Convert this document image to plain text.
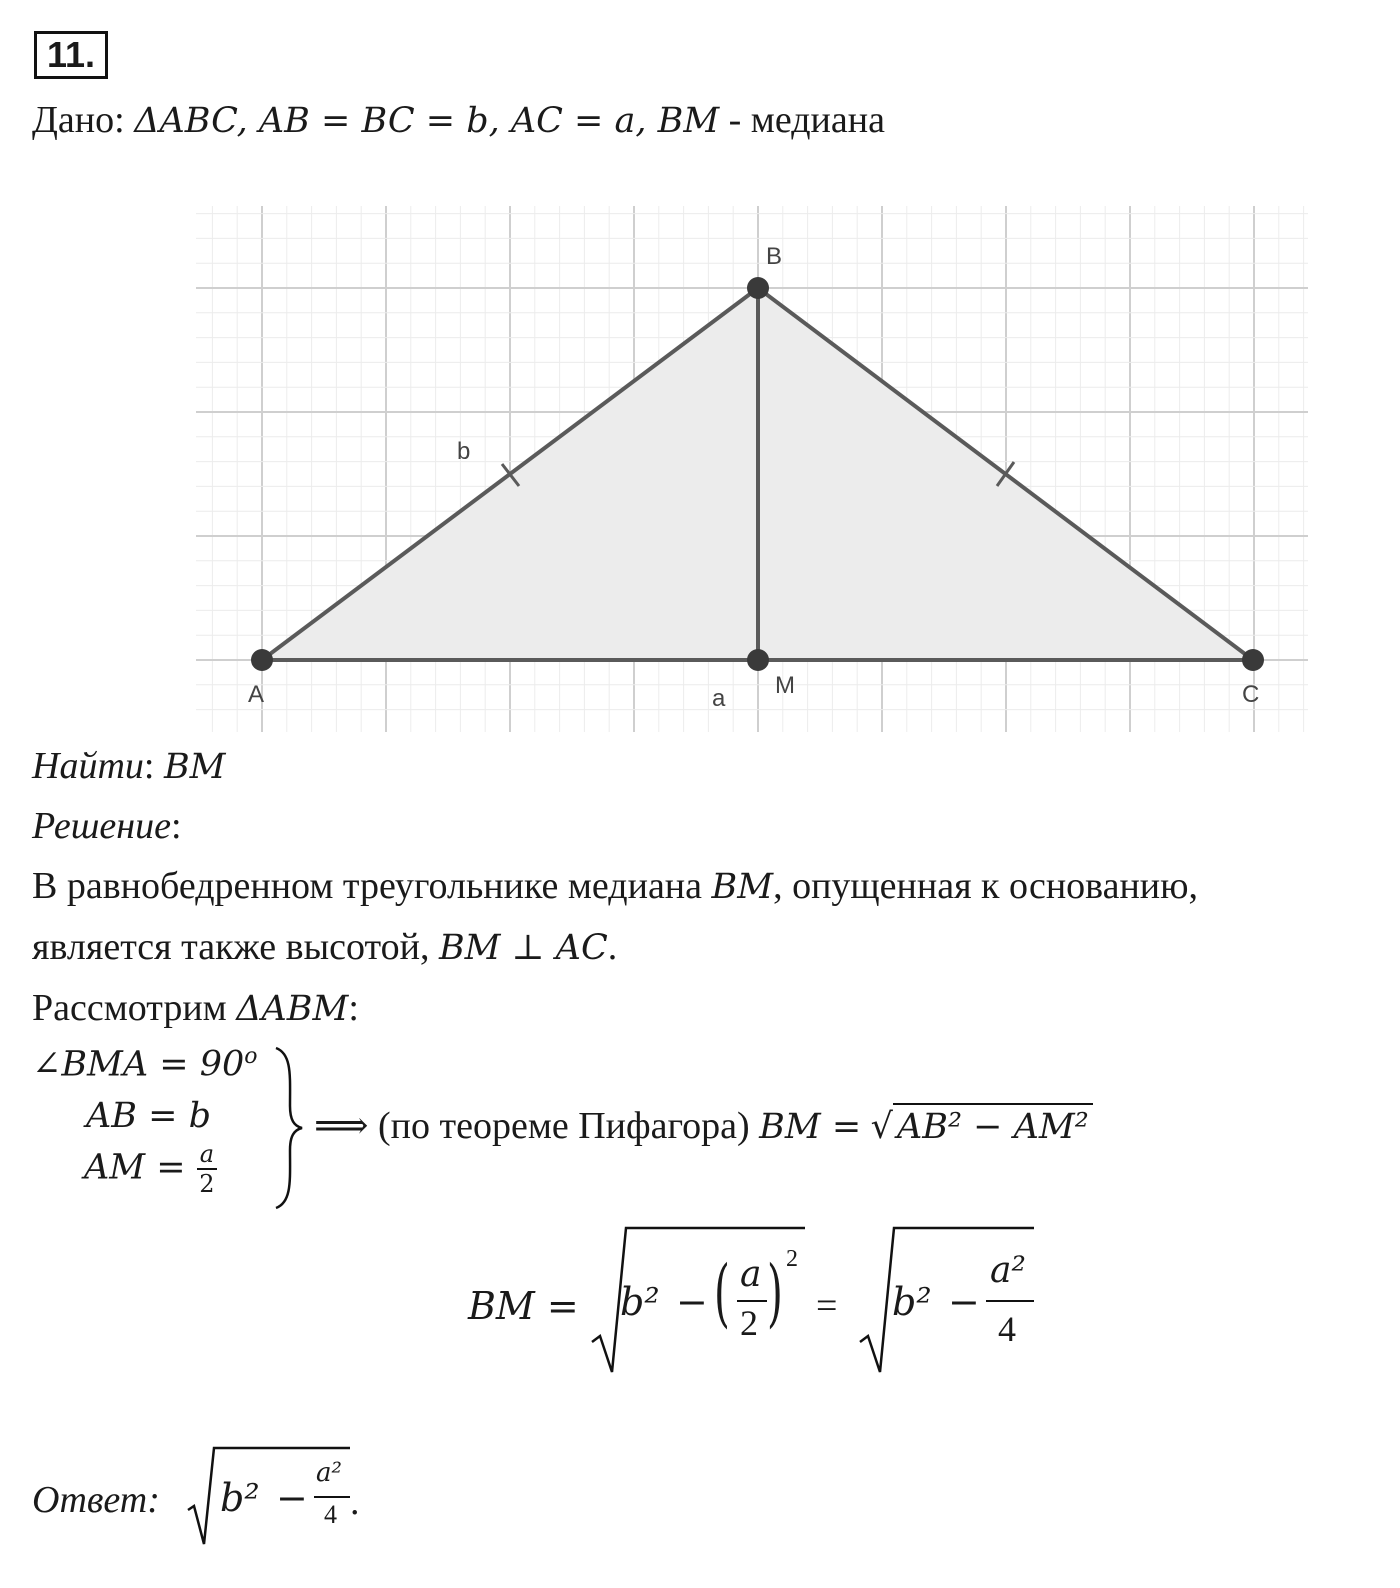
11.
Дано: ΔABC, AB = BC = b, AC = a, BM - медиана
A
B
C
M
b
a
Найти: BM
Решение:
В равнобедренном треугольнике медиана BM, опущенная к основанию,
является также высотой, BM ⊥ AC.
Рассмотрим ΔABM:
∠BMA = $90^o$
AB = b
AM = $\frac{a}{2}$
⟹ (по теореме Пифагора) BM = √ AB² − AM²
BM = b² − ( a
2 ) 2
= b² −
a²
4
Ответ: b² −
a²
4 .
